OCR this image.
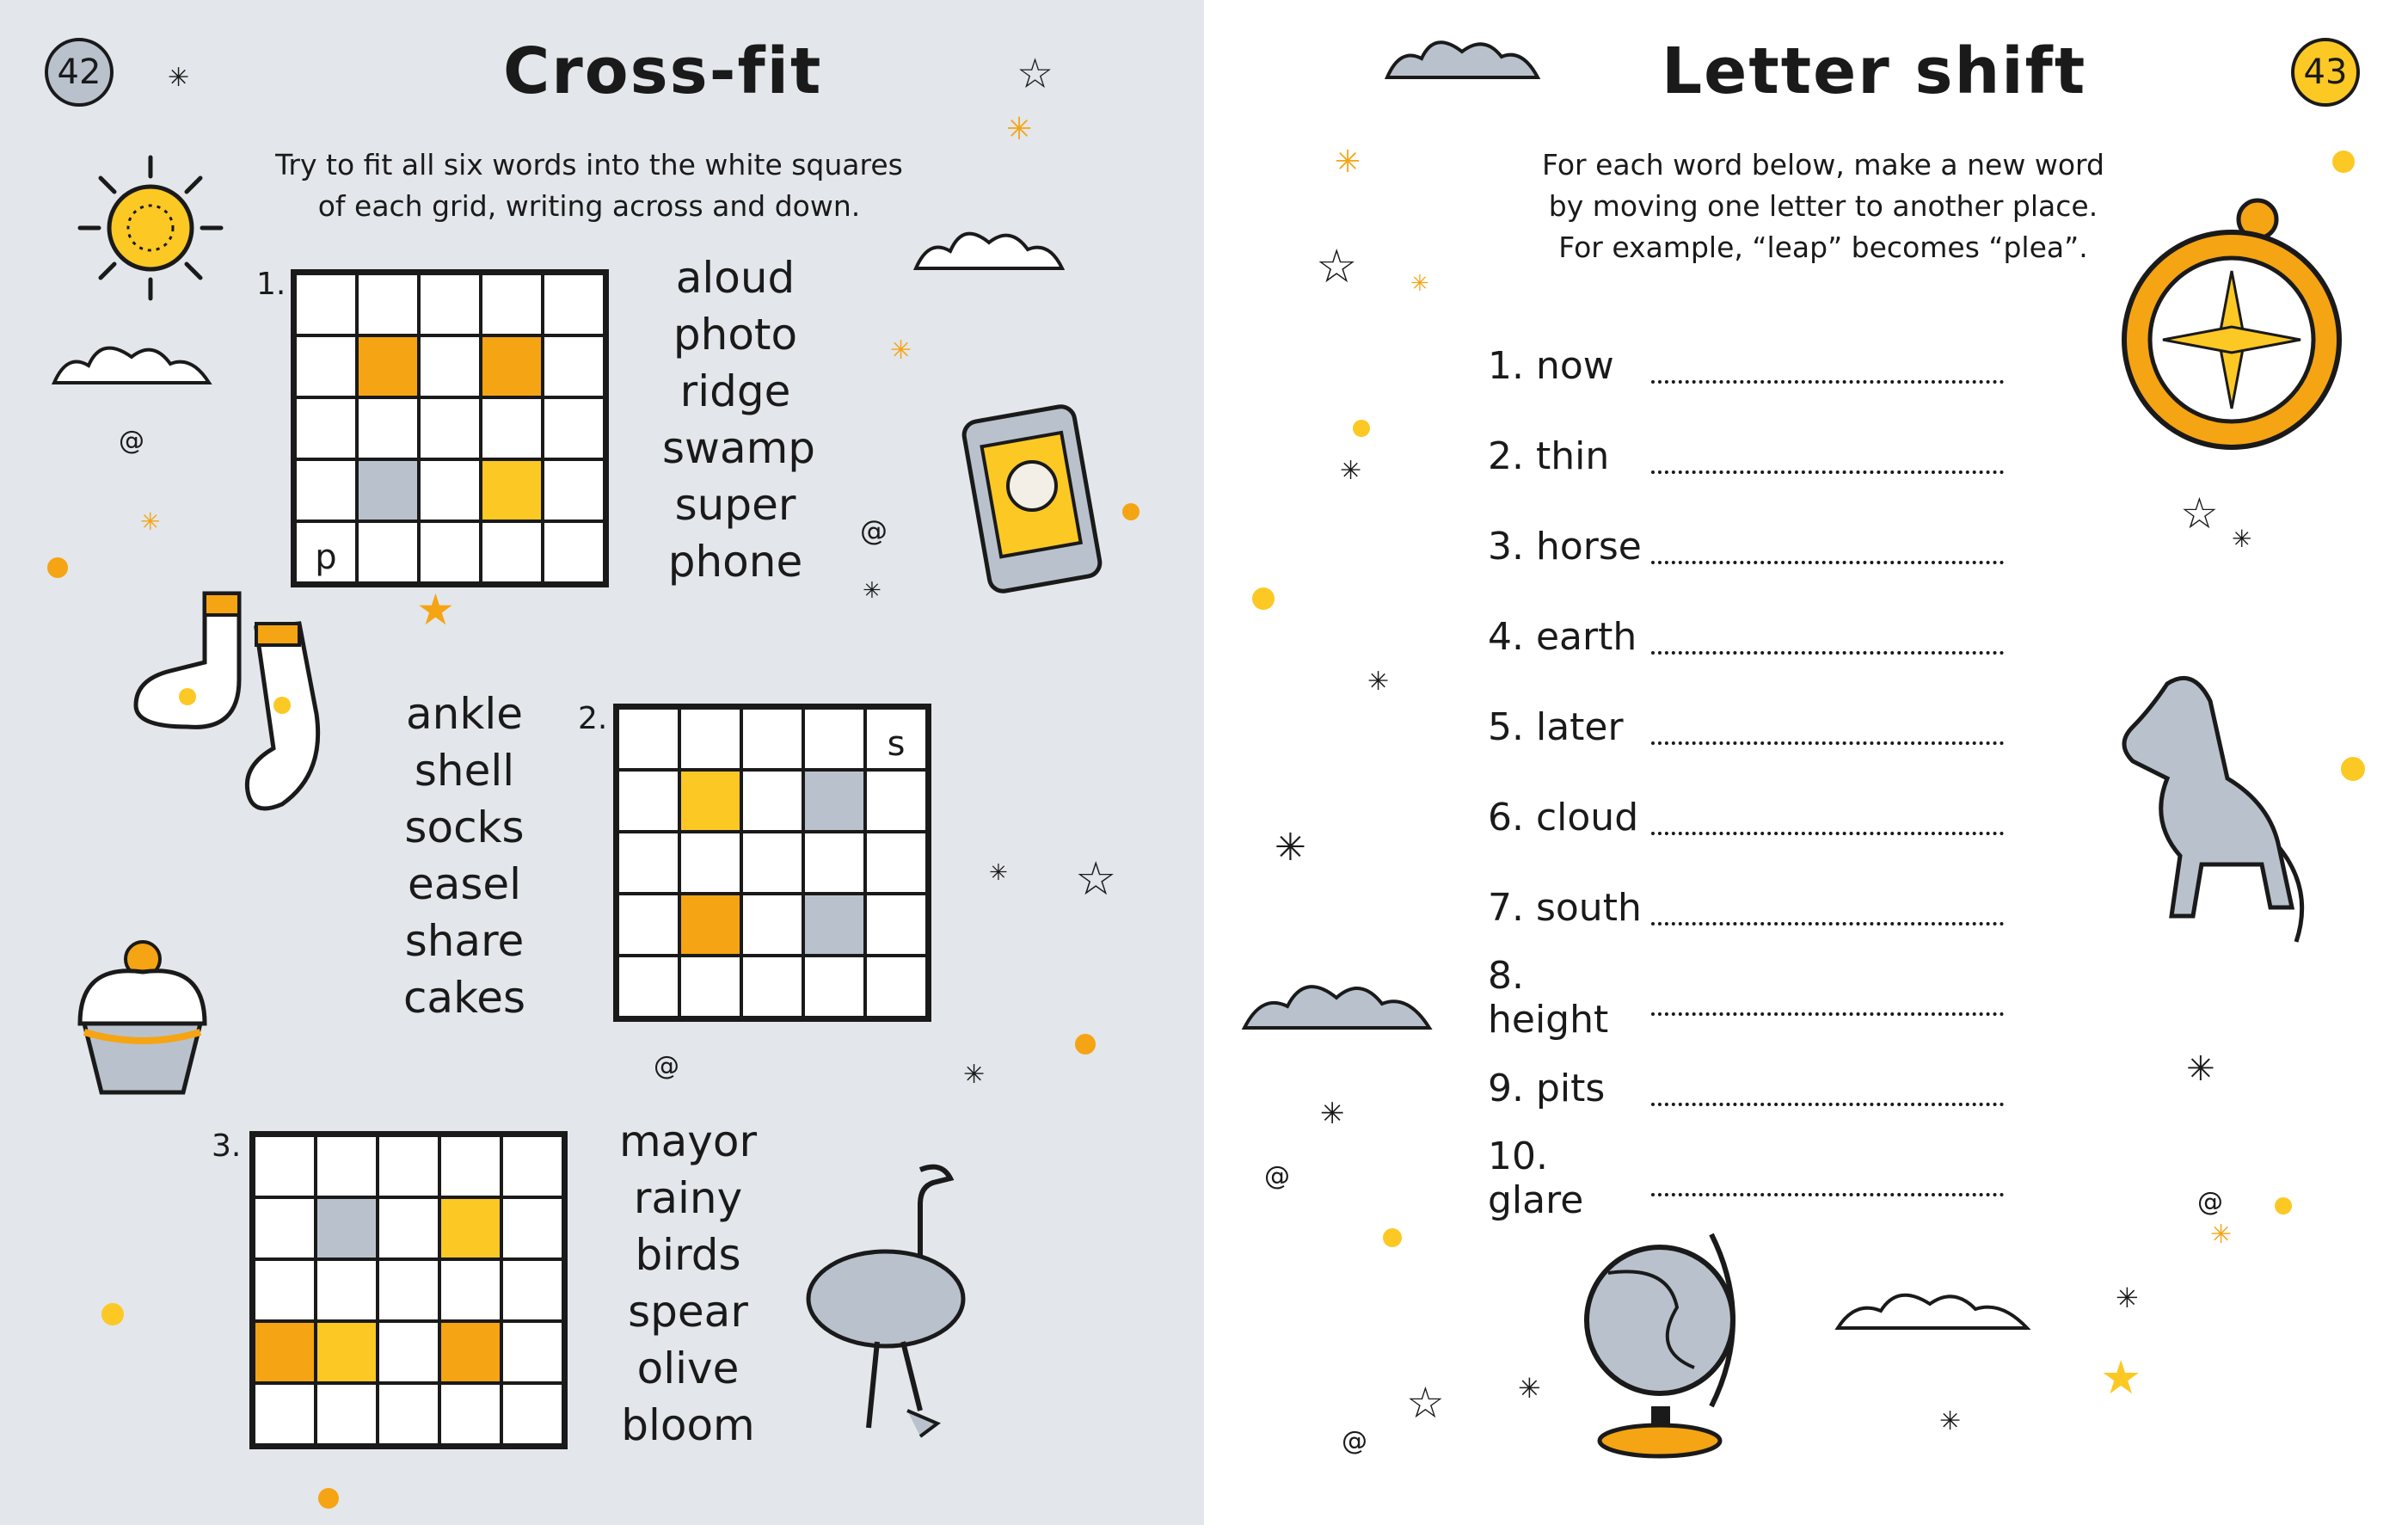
42	Cross-fit
Try to fit all six words into the white squares of each grid, writing across and down.
1.
p
aloud
photo
ridge
swamp
super
phone
2.
s
ankle
shell
socks
easel
share
cakes
3.	mayor
rainy
birds
spear
olive
bloom
☆
★
☆
✳
✳
✳
✳
✳
✳
✳
@
@
@
43
Letter shift
For each word below, make a new word
by moving one letter to another place.
For example, “leap” becomes “plea”.
1. now
2. thin
3. horse
4. earth
5. later
6. cloud
7. south
8. height
9. pits
10. glare
☆
☆
☆	★
✳
✳
✳
✳
✳
✳
✳
✳
✳
✳
✳
✳
@
@
@
